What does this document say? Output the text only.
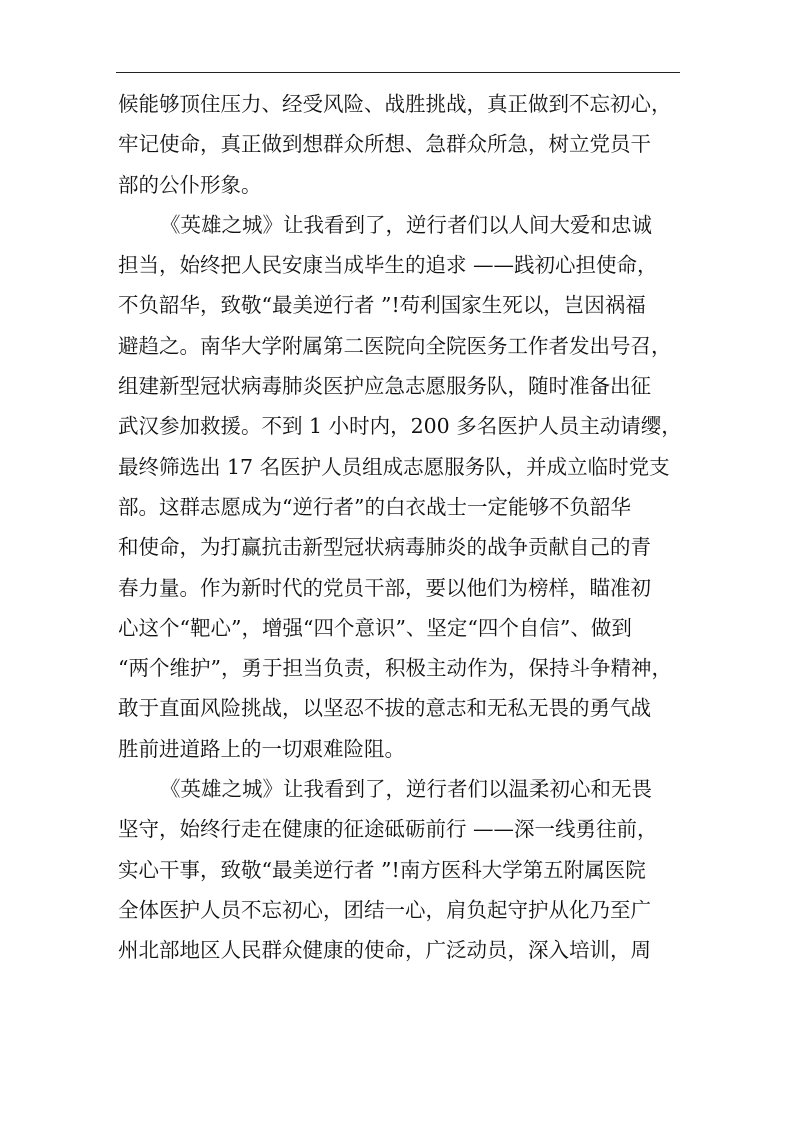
候能够顶住压力、经受风险、战胜挑战，真正做到不忘初心，
牢记使命，真正做到想群众所想、急群众所急，树立党员干
部的公仆形象。
《英雄之城》让我看到了，逆行者们以人间大爱和忠诚
担当，始终把人民安康当成毕生的追求 ——践初心担使命，
不负韶华，致敬“最美逆行者 ”!苟利国家生死以，岂因祸福
避趋之。南华大学附属第二医院向全院医务工作者发出号召，
组建新型冠状病毒肺炎医护应急志愿服务队，随时准备出征
武汉参加救援。不到 1 小时内，200 多名医护人员主动请缨，
最终筛选出 17 名医护人员组成志愿服务队，并成立临时党支
部。这群志愿成为“逆行者”的白衣战士一定能够不负韶华
和使命，为打赢抗击新型冠状病毒肺炎的战争贡献自己的青
春力量。作为新时代的党员干部，要以他们为榜样，瞄准初
心这个“靶心”，增强“四个意识”、坚定“四个自信”、做到
“两个维护”，勇于担当负责，积极主动作为，保持斗争精神，
敢于直面风险挑战，以坚忍不拔的意志和无私无畏的勇气战
胜前进道路上的一切艰难险阻。
《英雄之城》让我看到了，逆行者们以温柔初心和无畏
坚守，始终行走在健康的征途砥砺前行 ——深一线勇往前，
实心干事，致敬“最美逆行者 ”!南方医科大学第五附属医院
全体医护人员不忘初心，团结一心，肩负起守护从化乃至广
州北部地区人民群众健康的使命，广泛动员，深入培训，周
